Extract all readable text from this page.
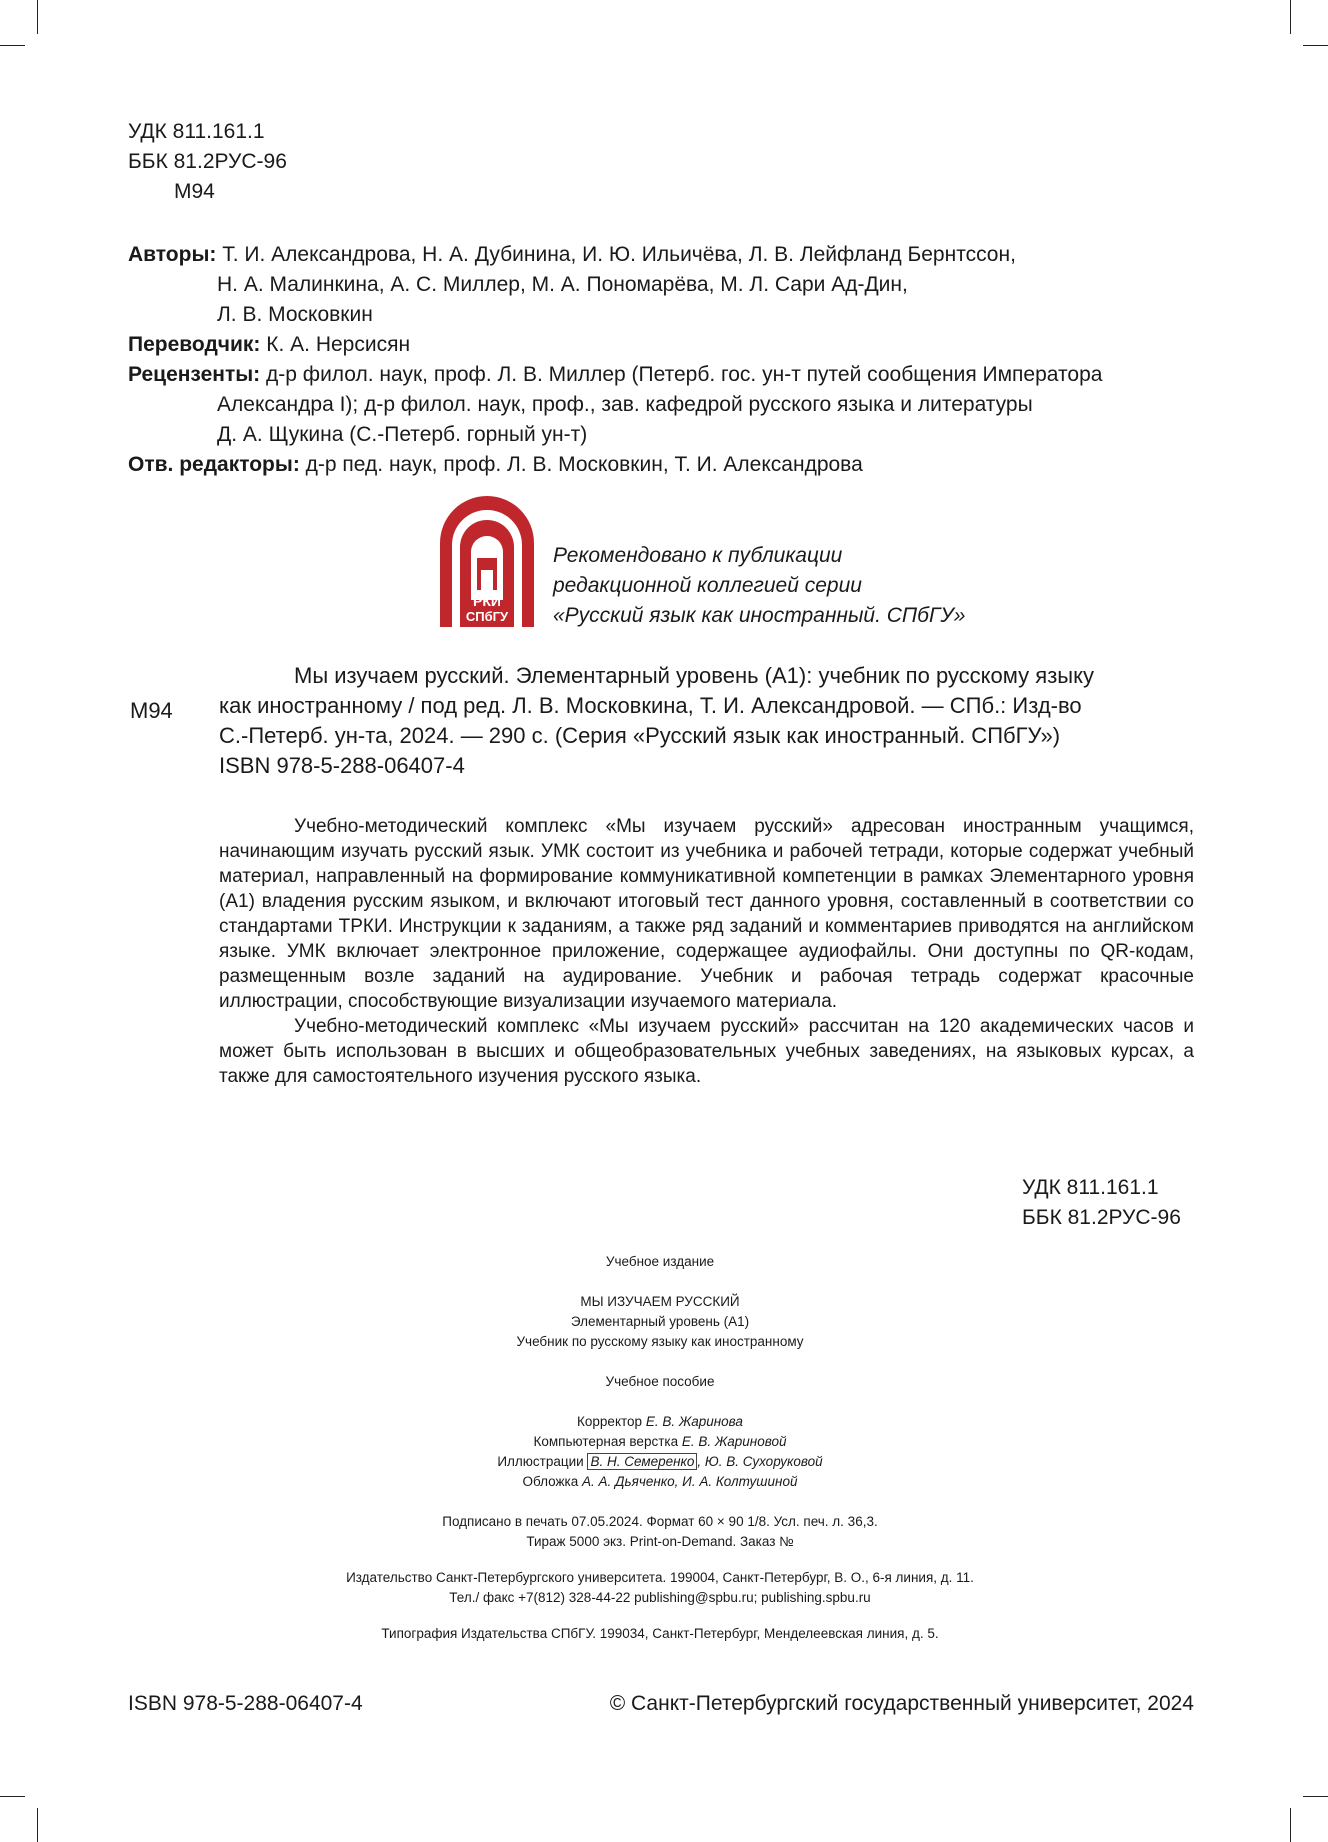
УДК 811.161.1
ББК 81.2РУС-96
М94
Авторы: Т. И. Александрова, Н. А. Дубинина, И. Ю. Ильичёва, Л. В. Лейфланд Бернтссон,
Н. А. Малинкина, А. С. Миллер, М. А. Пономарёва, М. Л. Сари Ад-Дин,
Л. В. Московкин
Переводчик: К. А. Нерсисян
Рецензенты: д-р филол. наук, проф. Л. В. Миллер (Петерб. гос. ун-т путей сообщения Императора
Александра I); д-р филол. наук, проф., зав. кафедрой русского языка и литературы
Д. А. Щукина (С.-Петерб. горный ун-т)
Отв. редакторы: д-р пед. наук, проф. Л. В. Московкин, Т. И. Александрова
РКИ
СПбГУ
Рекомендовано к публикации
редакционной коллегией серии
«Русский язык как иностранный. СПбГУ»
М94
Мы изучаем русский. Элементарный уровень (А1): учебник по русскому языку
как иностранному / под ред. Л. В. Московкина, Т. И. Александровой. — СПб.: Изд-во
С.-Петерб. ун-та, 2024. — 290 с. (Серия «Русский язык как иностранный. СПбГУ»)
ISBN 978-5-288-06407-4

Учебно-методический комплекс «Мы изучаем русский» адресован иностранным учащимся, начинающим изучать русский язык. УМК состоит из учебника и рабочей тетради, которые содержат учебный материал, направленный на формирование коммуникативной компетенции в рамках Элементарного уровня (А1) владения русским языком, и включают итоговый тест данного уровня, составленный в соответствии со стандартами ТРКИ. Инструкции к заданиям, а также ряд заданий и комментариев приводятся на английском языке. УМК включает электронное приложение, содержащее аудиофайлы. Они доступны по QR-кодам, размещенным возле заданий на аудирование. Учебник и рабочая тетрадь содержат красочные иллюстрации, способствующие визуализации изучаемого материала.

Учебно-методический комплекс «Мы изучаем русский» рассчитан на 120 академических часов и может быть использован в высших и общеобразовательных учебных заведениях, на языковых курсах, а также для самостоятельного изучения русского языка.

УДК 811.161.1
ББК 81.2РУС-96
Учебное издание
МЫ ИЗУЧАЕМ РУССКИЙ
Элементарный уровень (А1)
Учебник по русскому языку как иностранному
Учебное пособие
Корректор Е. В. Жаринова
Компьютерная верстка Е. В. Жариновой
Иллюстрации В. Н. Семеренко , Ю. В. Сухоруковой
Обложка А. А. Дьяченко, И. А. Колтушиной
Подписано в печать 07.05.2024. Формат 60 × 90 1/8. Усл. печ. л. 36,3.
Тираж 5000 экз. Print-on-Demand. Заказ №
Издательство Санкт-Петербургского университета. 199004, Санкт-Петербург, В. О., 6-я линия, д. 11.
Тел./ факс +7(812) 328-44-22 publishing@spbu.ru; publishing.spbu.ru
Типография Издательства СПбГУ. 199034, Санкт-Петербург, Менделеевская линия, д. 5.
ISBN 978-5-288-06407-4	© Санкт-Петербургский государственный университет, 2024
